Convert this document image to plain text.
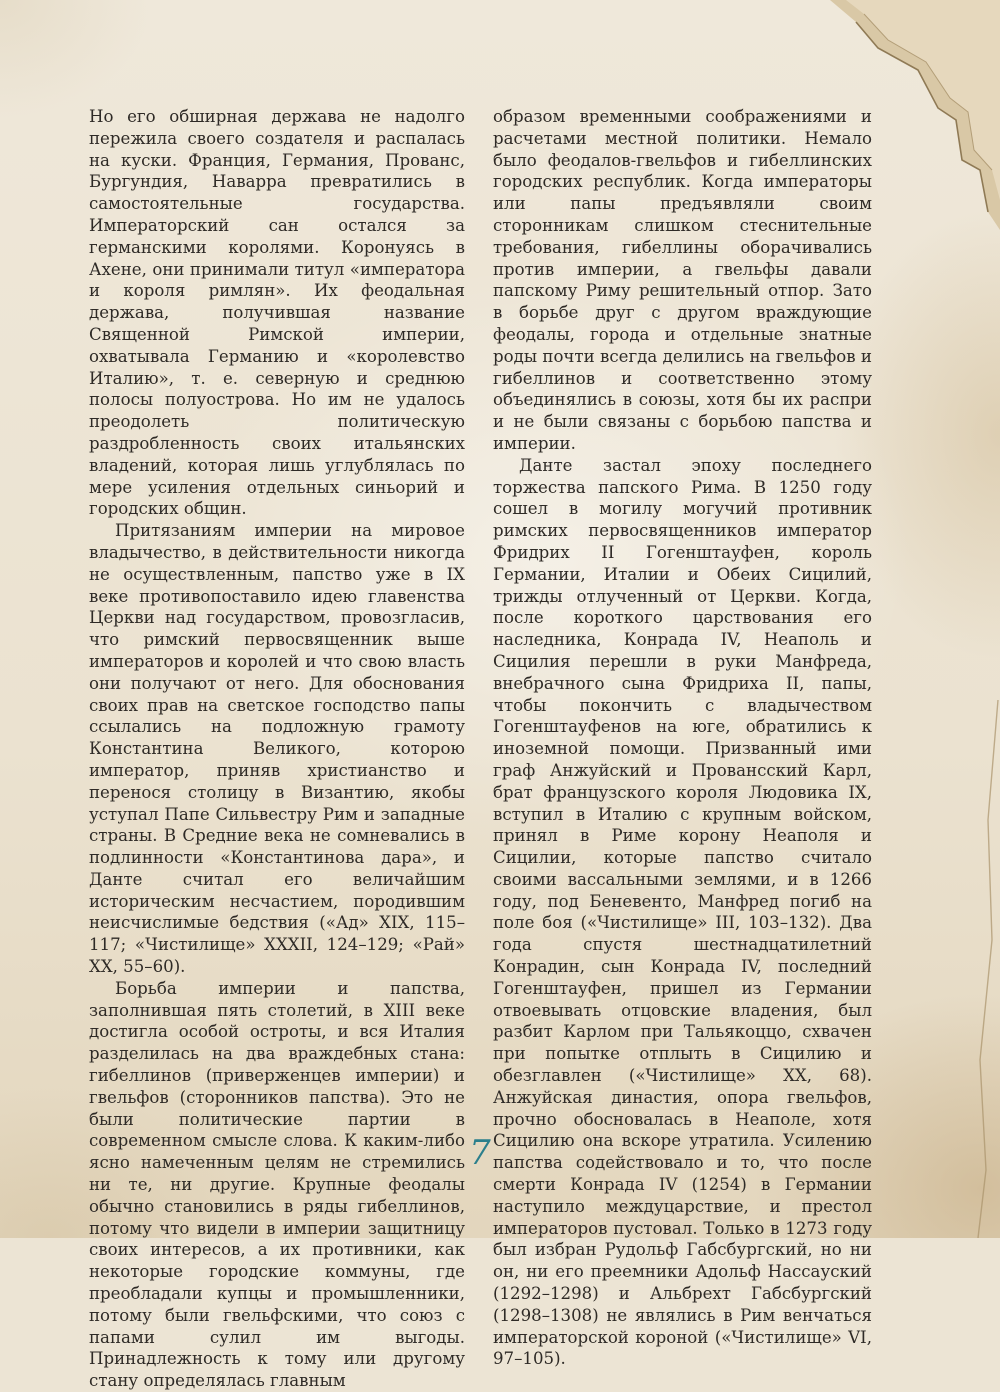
Но его обширная держава не надолго пережила своего создателя и распалась на куски. Франция, Германия, Прованс, Бургундия, Наварра превратились в самостоятельные государства. Императорский сан остался за германскими королями. Коронуясь в Ахене, они принимали титул «императора и короля римлян». Их феодальная держава, получившая название Священной Римской империи, охватывала Германию и «королевство Италию», т. е. северную и среднюю полосы полуострова. Но им не удалось преодолеть политическую раздробленность своих итальянских владений, которая лишь углублялась по мере усиления отдельных синьорий и городских общин.

Притязаниям империи на мировое владычество, в действительности никогда не осуществленным, папство уже в IX веке противопоставило идею главенства Церкви над государством, провозгласив, что римский первосвященник выше императоров и королей и что свою власть они получают от него. Для обоснования своих прав на светское господство папы ссылались на подложную грамоту Константина Великого, которою император, приняв христианство и перенося столицу в Византию, якобы уступал Папе Сильвестру Рим и западные страны. В Средние века не сомневались в подлинности «Константинова дара», и Данте считал его величайшим историческим несчастием, породившим неисчислимые бедствия («Ад» XIX, 115–117; «Чистилище» XXXII, 124–129; «Рай» XX, 55–60).

Борьба империи и папства, заполнившая пять столетий, в XIII веке достигла особой остроты, и вся Италия разделилась на два враждебных стана: гибеллинов (приверженцев империи) и гвельфов (сторонников папства). Это не были политические партии в современном смысле слова. К каким-либо ясно намеченным целям не стремились ни те, ни другие. Крупные феодалы обычно становились в ряды гибеллинов, потому что видели в империи защитницу своих интересов, а их противники, как некоторые городские коммуны, где преобладали купцы и промышленники, потому были гвельфскими, что союз с папами сулил им выгоды. Принадлежность к тому или другому стану определялась главным

образом временными соображениями и расчетами местной политики. Немало было феодалов-гвельфов и гибеллинских городских республик. Когда императоры или папы предъявляли своим сторонникам слишком стеснительные требования, гибеллины оборачивались против империи, а гвельфы давали папскому Риму решительный отпор. Зато в борьбе друг с другом враждующие феодалы, города и отдельные знатные роды почти всегда делились на гвельфов и гибеллинов и соответственно этому объединялись в союзы, хотя бы их распри и не были связаны с борьбою папства и империи.

Данте застал эпоху последнего торжества папского Рима. В 1250 году сошел в могилу могучий противник римских первосвященников император Фридрих II Гогенштауфен, король Германии, Италии и Обеих Сицилий, трижды отлученный от Церкви. Когда, после короткого царствования его наследника, Конрада IV, Неаполь и Сицилия перешли в руки Манфреда, внебрачного сына Фридриха II, папы, чтобы покончить с владычеством Гогенштауфенов на юге, обратились к иноземной помощи. Призванный ими граф Анжуйский и Провансский Карл, брат французского короля Людовика IX, вступил в Италию с крупным войском, принял в Риме корону Неаполя и Сицилии, которые папство считало своими вассальными землями, и в 1266 году, под Беневенто, Манфред погиб на поле боя («Чистилище» III, 103–132). Два года спустя шестнадцатилетний Конрадин, сын Конрада IV, последний Гогенштауфен, пришел из Германии отвоевывать отцовские владения, был разбит Карлом при Тальякоццо, схвачен при попытке отплыть в Сицилию и обезглавлен («Чистилище» XX, 68). Анжуйская династия, опора гвельфов, прочно обосновалась в Неаполе, хотя Сицилию она вскоре утратила. Усилению папства содействовало и то, что после смерти Конрада IV (1254) в Германии наступило междуцарствие, и престол императоров пустовал. Только в 1273 году был избран Рудольф Габсбургский, но ни он, ни его преемники Адольф Нассауский (1292–1298) и Альбрехт Габсбургский (1298–1308) не являлись в Рим венчаться императорской короной («Чистилище» VI, 97–105).

7
